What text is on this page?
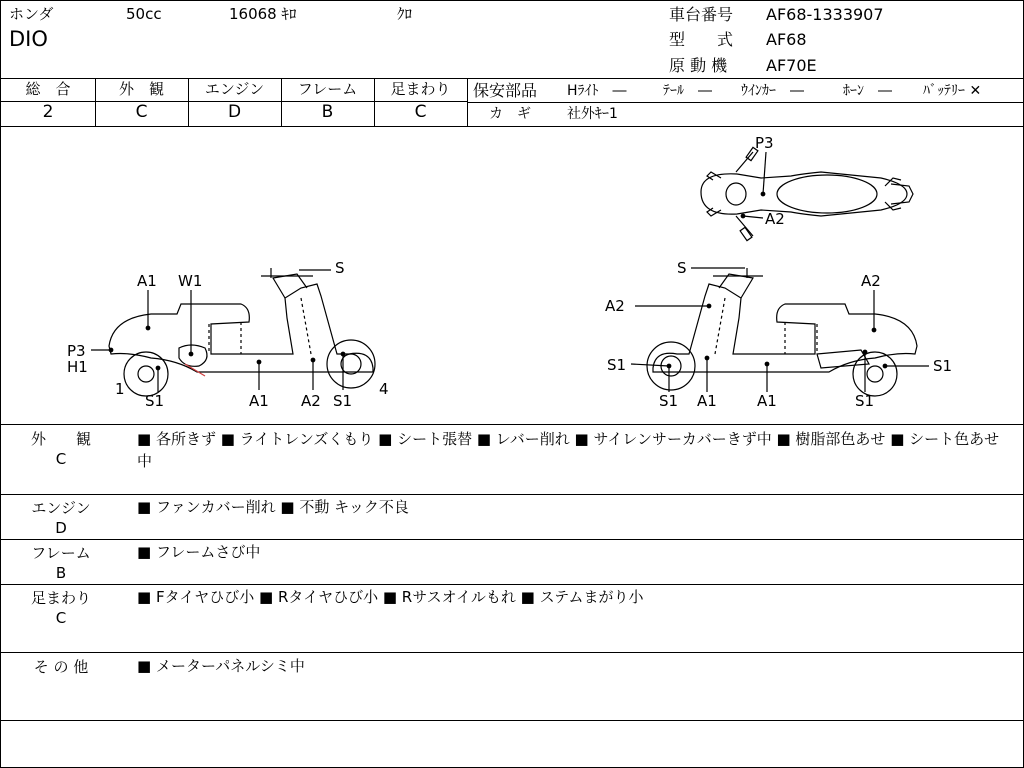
ホンダ	50cc	16068 ｷﾛ	ｸﾛ
DIO
車台番号 AF68-1333907
型　　式 AF68
原 動 機 AF70E
総　合
2
外　観
C
エンジン
D
フレーム
B
足まわり
C
保安部品 Hﾗｲﾄ　―	ﾃｰﾙ　― ｳｲﾝｶｰ　―	ﾎｰﾝ　― ﾊﾞｯﾃﾘｰ ✕
カ　ギ	社外ｷｰ1
P3
A2
A1 W1
S
P3
H1
1
S1	A1 A2 S1
4
S
A2
A2
S1
S1 A1	A1	S1
S1
外　　観
C
■ 各所きず ■ ライトレンズくもり ■ シート張替 ■ レバー削れ ■ サイレンサーカバーきず中 ■ 樹脂部色あせ ■ シート色あせ中
エンジン
D
■ ファンカバー削れ ■ 不動 キック不良
フレーム
B
■ フレームさび中
足まわり
C
■ Fタイヤひび小 ■ Rタイヤひび小 ■ Rサスオイルもれ ■ ステムまがり小
そ の 他	■ メーターパネルシミ中
